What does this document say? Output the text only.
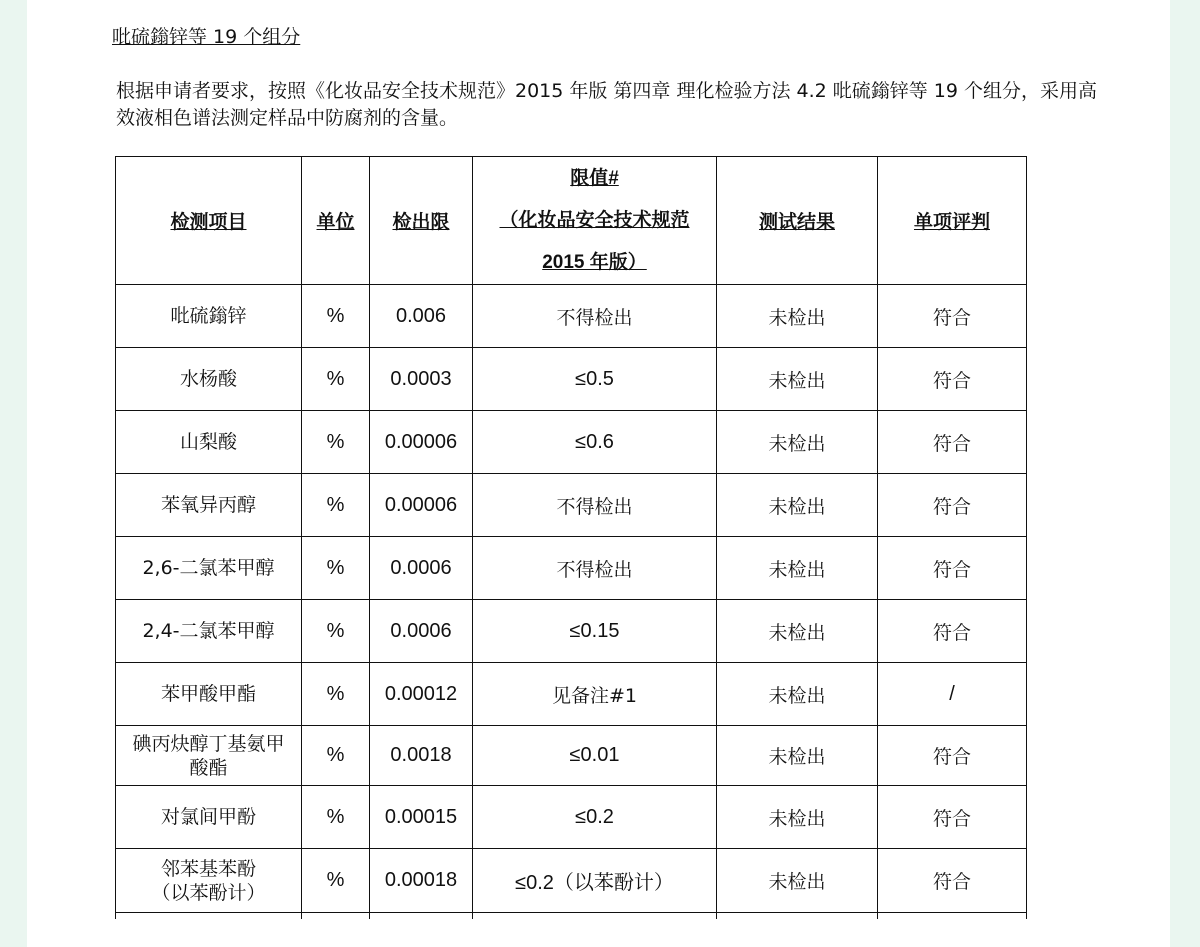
吡硫鎓锌等 19 个组分
根据申请者要求，按照《化妆品安全技术规范》2015 年版 第四章 理化检验方法 4.2 吡硫鎓锌等 19 个组分，采用高效液相色谱法测定样品中防腐剂的含量。
检测项目	单位	检出限	限值#
（化妆品安全技术规范
2015 年版）	测试结果	单项评判
吡硫鎓锌	%	0.006	不得检出	未检出	符合
水杨酸	%	0.0003	≤0.5	未检出	符合
山梨酸	%	0.00006	≤0.6	未检出	符合
苯氧异丙醇	%	0.00006	不得检出	未检出	符合
2,6-二氯苯甲醇	%	0.0006	不得检出	未检出	符合
2,4-二氯苯甲醇	%	0.0006	≤0.15	未检出	符合
苯甲酸甲酯	%	0.00012	见备注#1	未检出	/

碘丙炔醇丁基氨甲
酸酯	%	0.0018	≤0.01	未检出	符合
对氯间甲酚	%	0.00015	≤0.2	未检出	符合

邻苯基苯酚
（以苯酚计）	%	0.00018	≤0.2（以苯酚计）	未检出	符合
